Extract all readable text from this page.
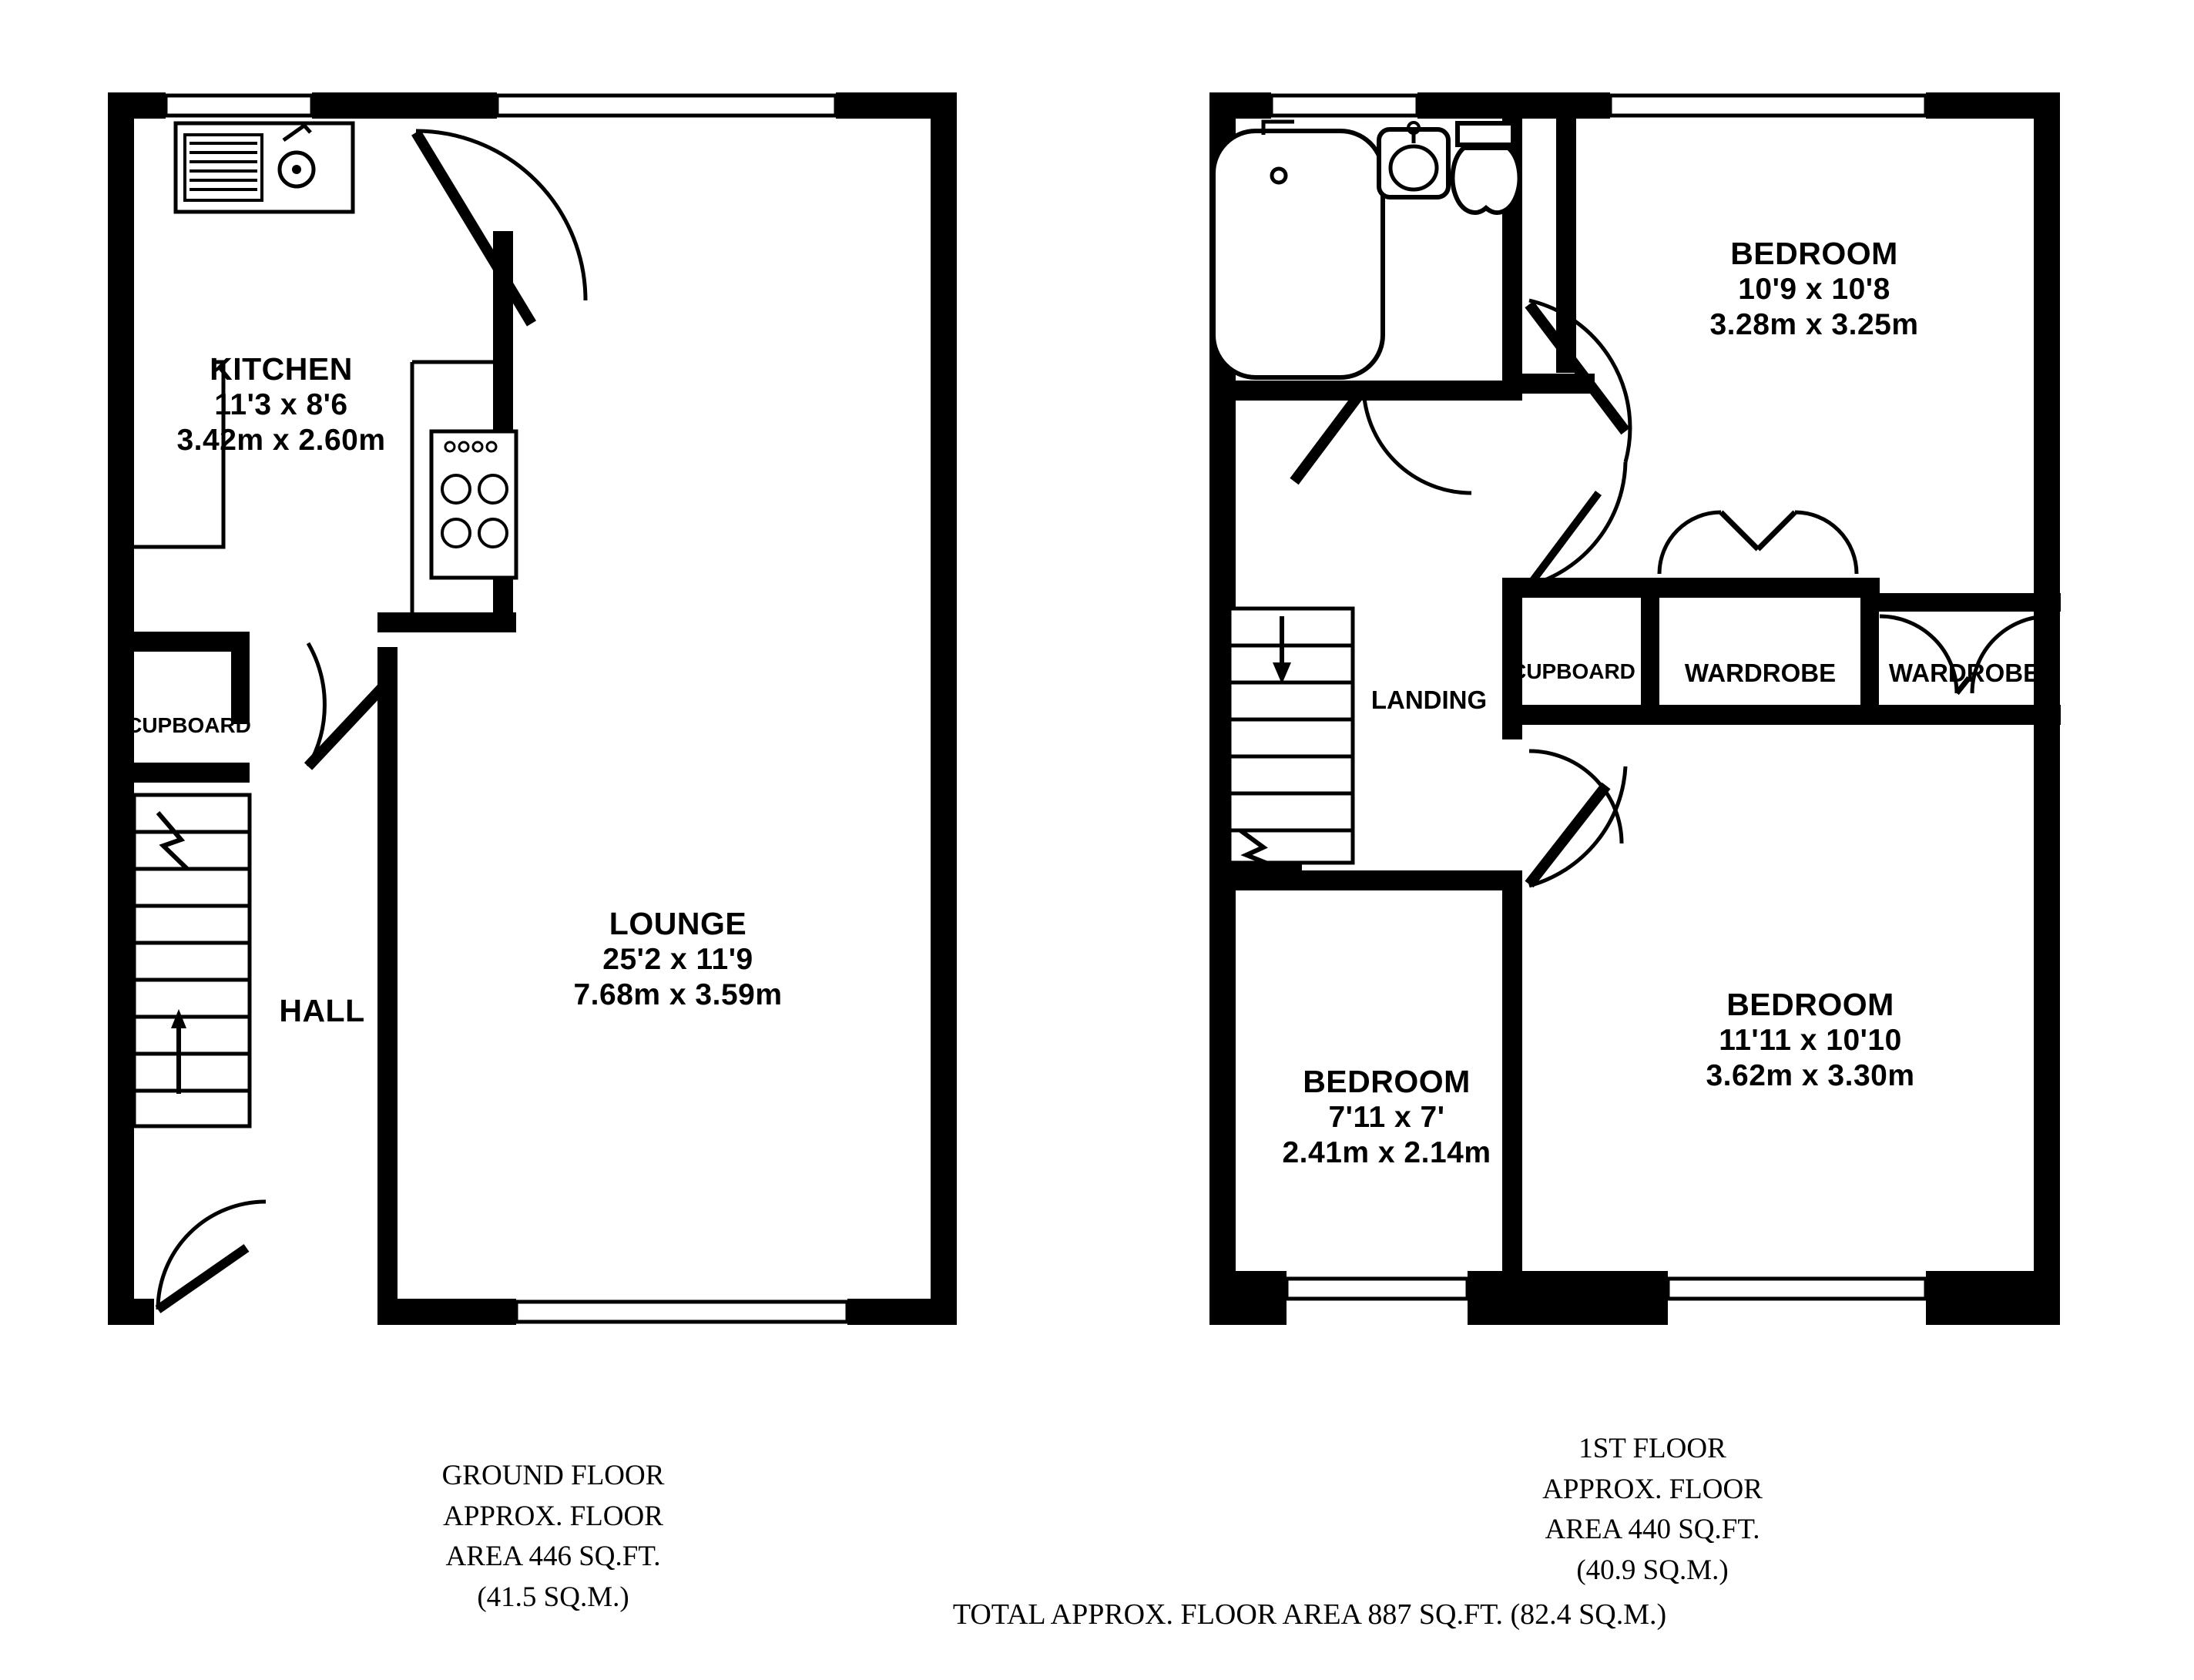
KITCHEN
11'3 x 8'6
3.42m x 2.60m
LOUNGE
25'2 x 11'9
7.68m x 3.59m
HALL
CUPBOARD
BEDROOM
10'9 x 10'8
3.28m x 3.25m
BEDROOM
11'11 x 10'10
3.62m x 3.30m
BEDROOM
7'11 x 7'
2.41m x 2.14m
LANDING
CUPBOARD WARDROBE WARDROBE
GROUND FLOOR
APPROX. FLOOR
AREA 446 SQ.FT.
(41.5 SQ.M.)
1ST FLOOR
APPROX. FLOOR
AREA 440 SQ.FT.
(40.9 SQ.M.)
TOTAL APPROX. FLOOR AREA 887 SQ.FT. (82.4 SQ.M.)
